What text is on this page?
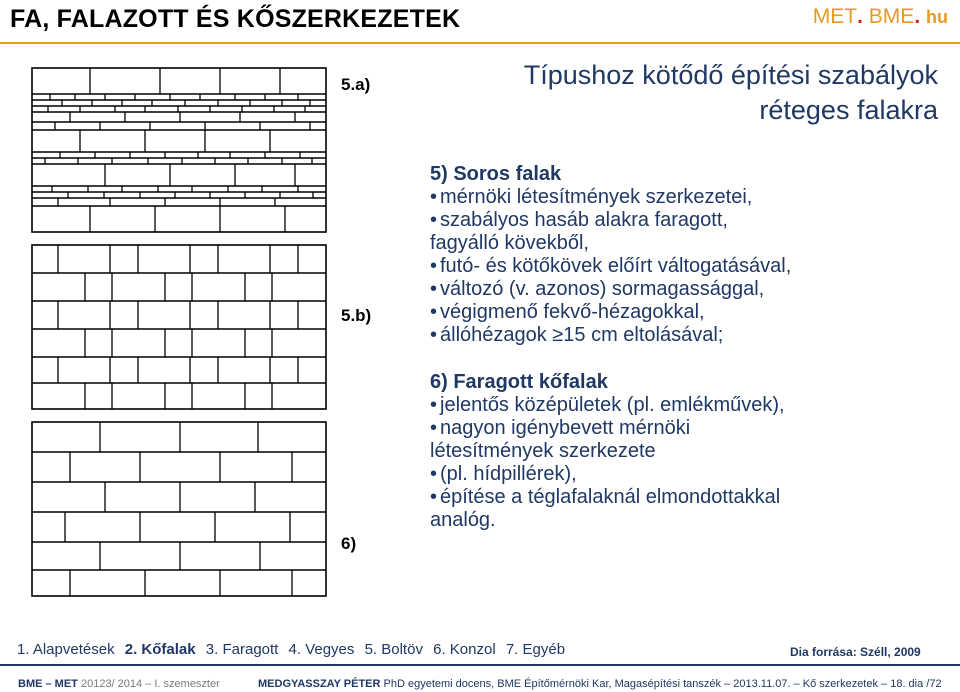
FA, FALAZOTT ÉS KŐSZERKEZETEK	MET. BME. hu
Típushoz kötődő építési szabályok
réteges falakra
5.a)
5.b)
6)
5) Soros falak
• mérnöki létesítmények szerkezetei,
• szabályos hasáb alakra faragott,
fagyálló kövekből,
• futó- és kötőkövek előírt váltogatásával,
• változó (v. azonos) sormagassággal,
• végigmenő fekvő-hézagokkal,
• állóhézagok ≥15 cm eltolásával;
6) Faragott kőfalak
• jelentős középületek (pl. emlékművek),
• nagyon igénybevett mérnöki
létesítmények szerkezete
• (pl. hídpillérek),
• építése a téglafalaknál elmondottakkal
analóg.
1. Alapvetések 2. Kőfalak 3. Faragott 4. Vegyes 5. Boltöv 6. Konzol 7. Egyéb	Dia forrása: Széll, 2009
BME – MET 20123/ 2014 – I. szemeszter	MEDGYASSZAY PÉTER PhD egyetemi docens, BME Építőmérnöki Kar, Magasépítési tanszék – 2013.11.07. – Kő szerkezetek – 18. dia /72
